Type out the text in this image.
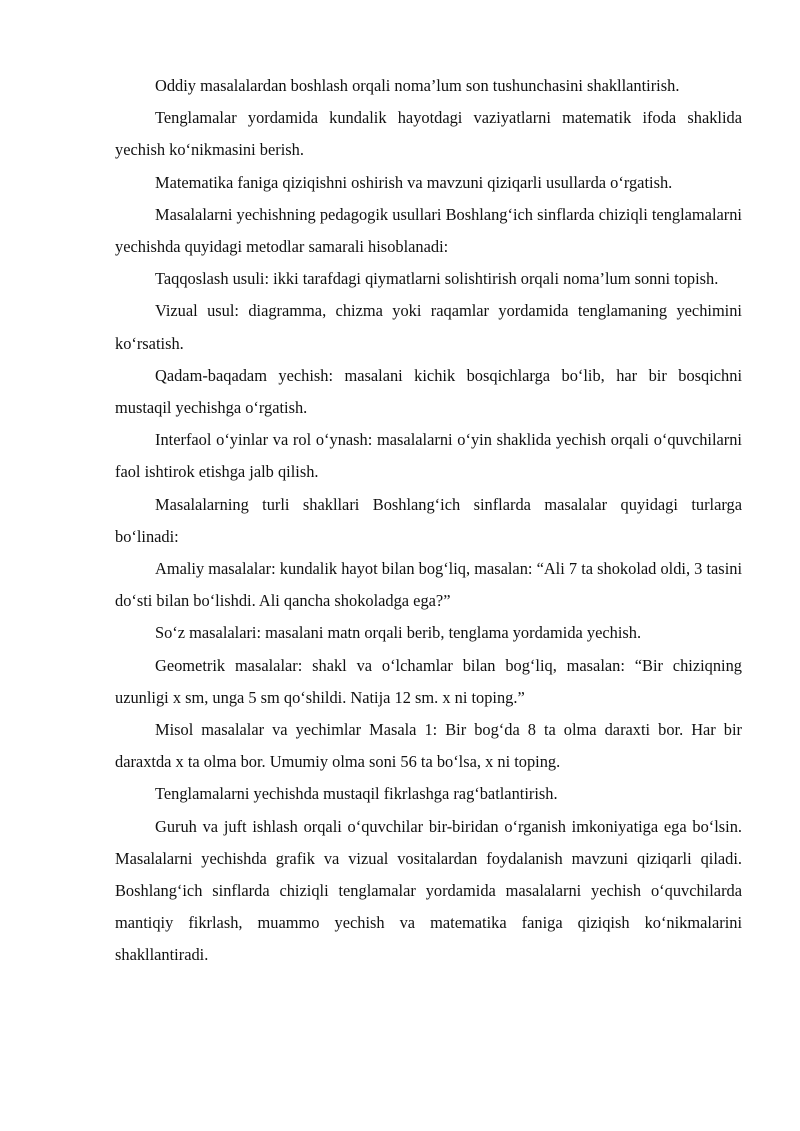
Oddiy masalalardan boshlash orqali noma’lum son tushunchasini shakllantirish.

Tenglamalar yordamida kundalik hayotdagi vaziyatlarni matematik ifoda shaklida yechish ko‘nikmasini berish.

Matematika faniga qiziqishni oshirish va mavzuni qiziqarli usullarda o‘rgatish.

Masalalarni yechishning pedagogik usullari Boshlang‘ich sinflarda chiziqli tenglamalarni yechishda quyidagi metodlar samarali hisoblanadi:

Taqqoslash usuli: ikki tarafdagi qiymatlarni solishtirish orqali noma’lum sonni topish.

Vizual usul: diagramma, chizma yoki raqamlar yordamida tenglamaning yechimini ko‘rsatish.

Qadam-baqadam yechish: masalani kichik bosqichlarga bo‘lib, har bir bosqichni mustaqil yechishga o‘rgatish.

Interfaol o‘yinlar va rol o‘ynash: masalalarni o‘yin shaklida yechish orqali o‘quvchilarni faol ishtirok etishga jalb qilish.

Masalalarning turli shakllari Boshlang‘ich sinflarda masalalar quyidagi turlarga bo‘linadi:

Amaliy masalalar: kundalik hayot bilan bog‘liq, masalan: “Ali 7 ta shokolad oldi, 3 tasini do‘sti bilan bo‘lishdi. Ali qancha shokoladga ega?”

So‘z masalalari: masalani matn orqali berib, tenglama yordamida yechish.

Geometrik masalalar: shakl va o‘lchamlar bilan bog‘liq, masalan: “Bir chiziqning uzunligi x sm, unga 5 sm qo‘shildi. Natija 12 sm. x ni toping.”

Misol masalalar va yechimlar Masala 1: Bir bog‘da 8 ta olma daraxti bor. Har bir daraxtda x ta olma bor. Umumiy olma soni 56 ta bo‘lsa, x ni toping.

Tenglamalarni yechishda mustaqil fikrlashga rag‘batlantirish.

Guruh va juft ishlash orqali o‘quvchilar bir-biridan o‘rganish imkoniyatiga ega bo‘lsin. Masalalarni yechishda grafik va vizual vositalardan foydalanish mavzuni qiziqarli qiladi. Boshlang‘ich sinflarda chiziqli tenglamalar yordamida masalalarni yechish o‘quvchilarda mantiqiy fikrlash, muammo yechish va matematika faniga qiziqish ko‘nikmalarini shakllantiradi.
